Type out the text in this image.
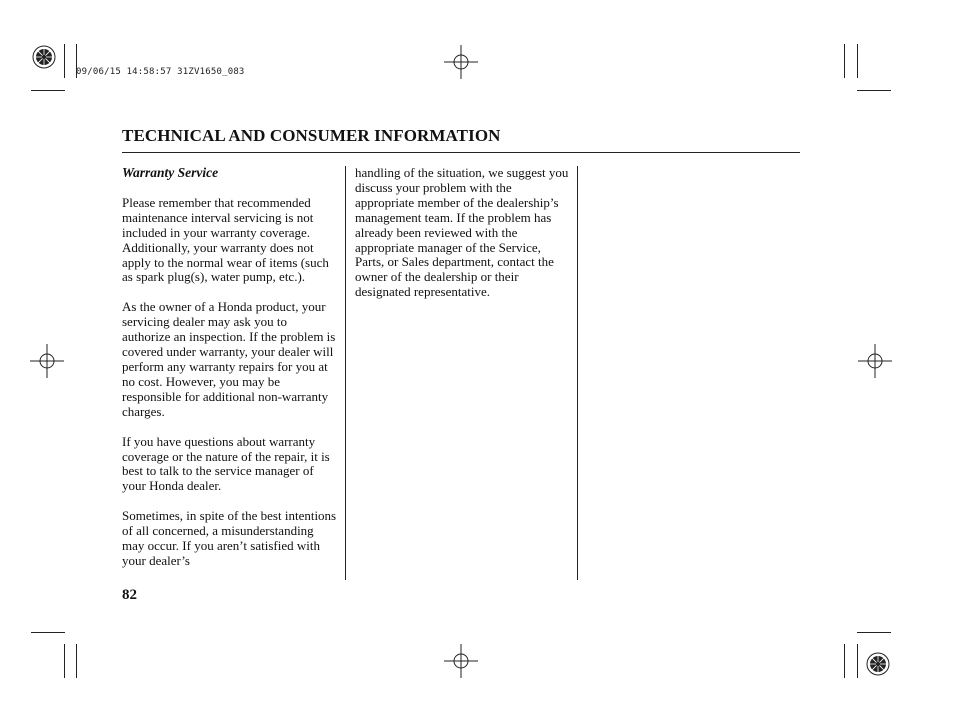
09/06/15 14:58:57 31ZV1650_083
TECHNICAL AND CONSUMER INFORMATION
Warranty Service

Please remember that recommended maintenance interval servicing is not included in your warranty coverage. Additionally, your warranty does not apply to the normal wear of items (such as spark plug(s), water pump, etc.).

As the owner of a Honda product, your servicing dealer may ask you to authorize an inspection. If the problem is covered under warranty, your dealer will perform any warranty repairs for you at no cost. However, you may be responsible for additional non-warranty charges.

If you have questions about warranty coverage or the nature of the repair, it is best to talk to the service manager of your Honda dealer.

Sometimes, in spite of the best intentions of all concerned, a misunderstanding may occur. If you aren’t satisfied with your dealer’s

handling of the situation, we suggest you discuss your problem with the appropriate member of the dealership’s management team. If the problem has already been reviewed with the appropriate manager of the Service, Parts, or Sales department, contact the owner of the dealership or their designated representative.

82
